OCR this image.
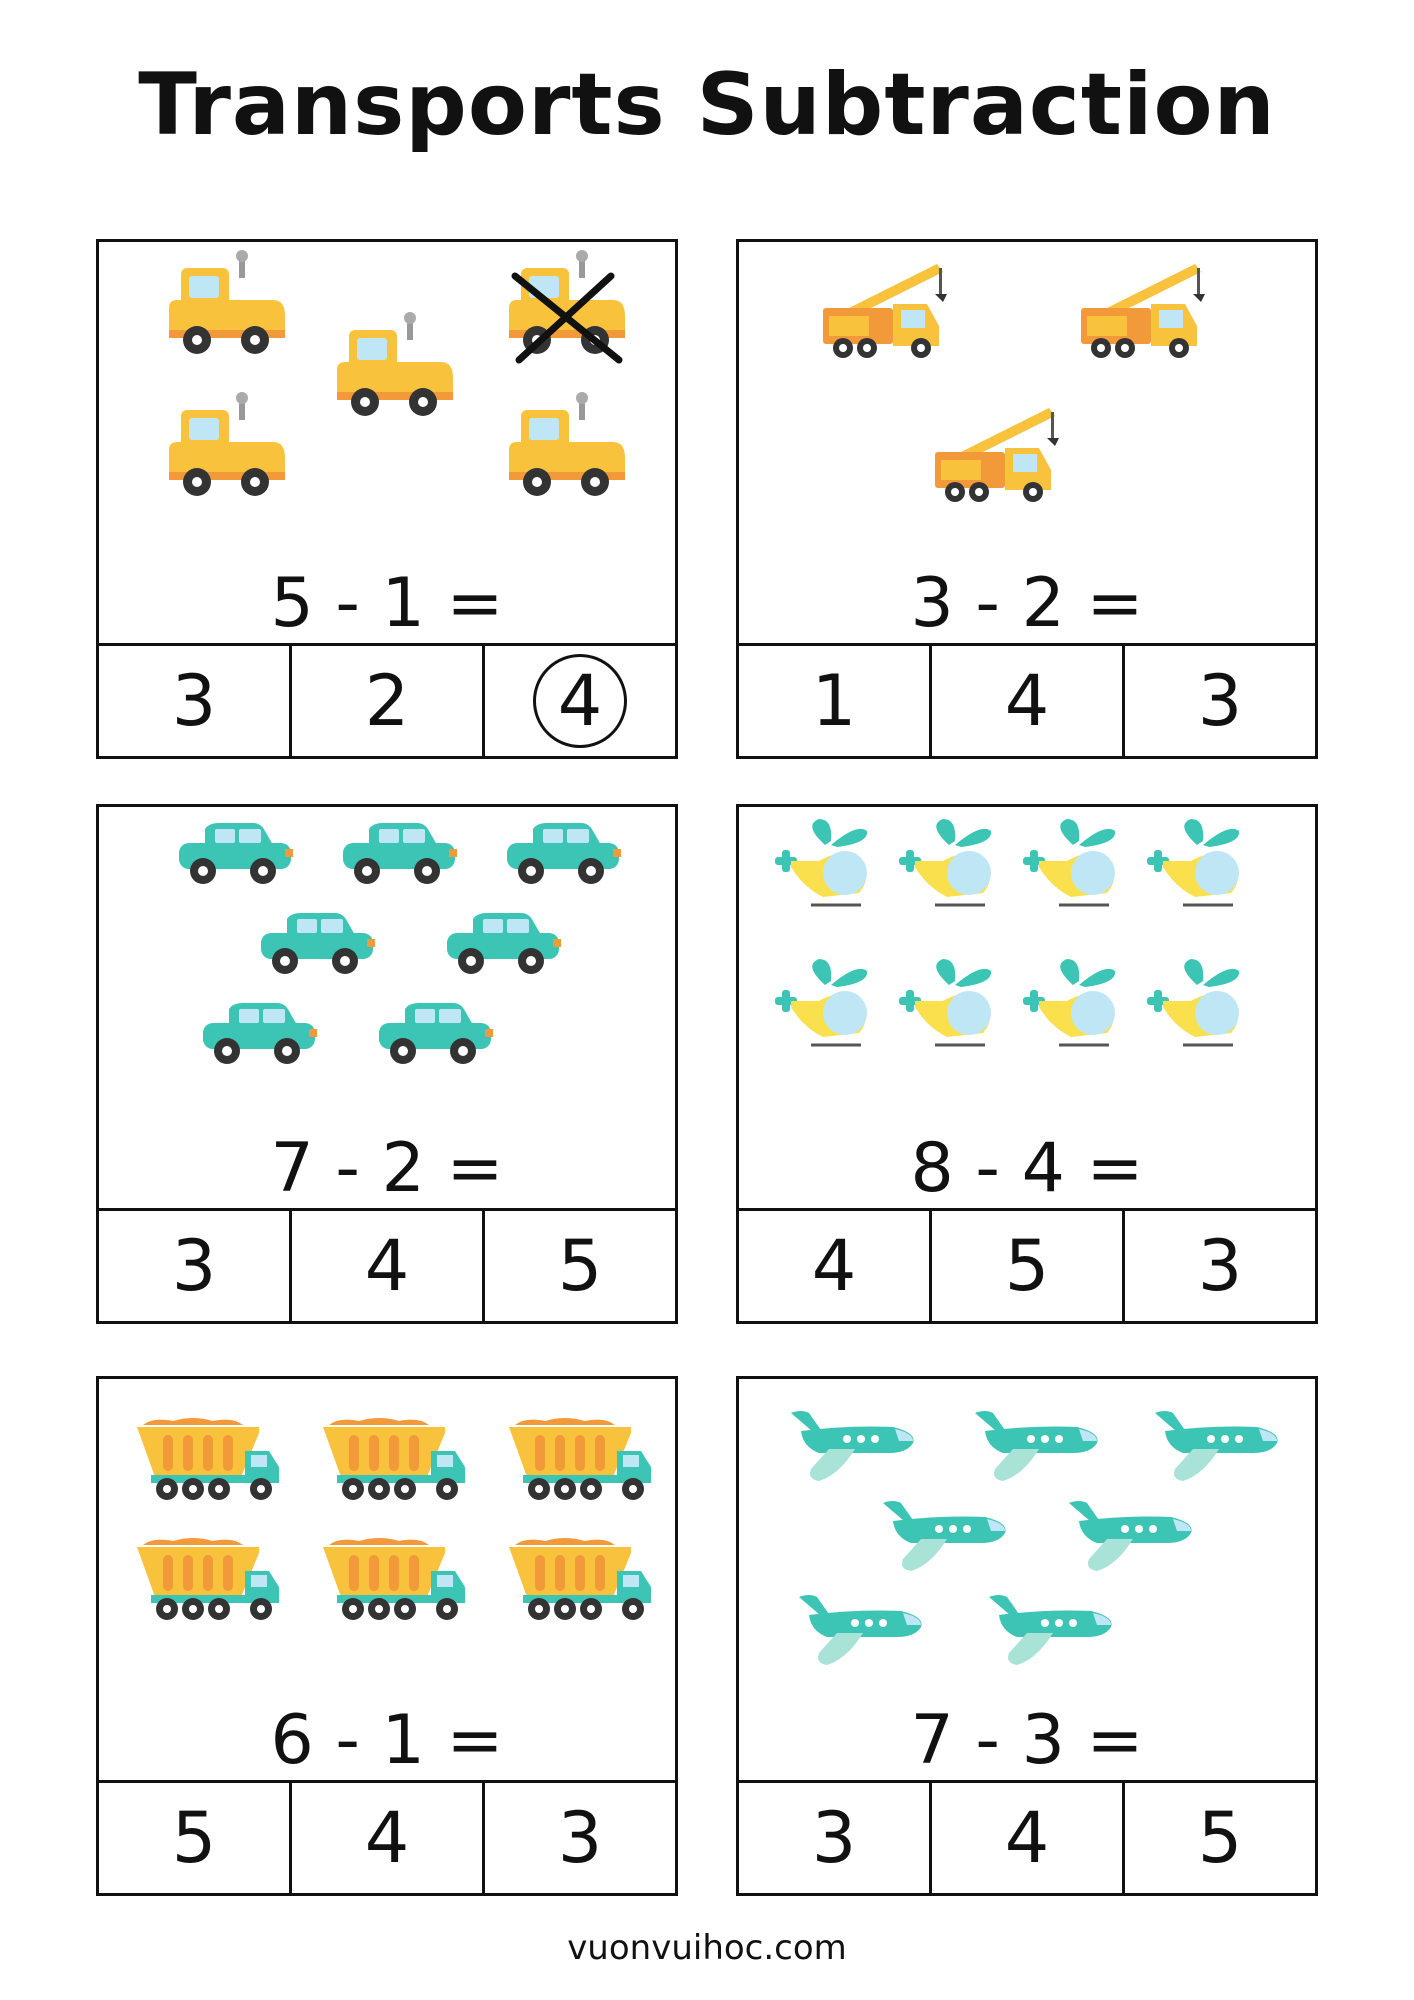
Transports Subtraction
5 - 1 =
3 2 4
3 - 2 =
1 4 3
7 - 2 =
3 4 5
8 - 4 =
4 5 3
6 - 1 =
5 4 3
7 - 3 =
3 4 5
vuonvuihoc.com
